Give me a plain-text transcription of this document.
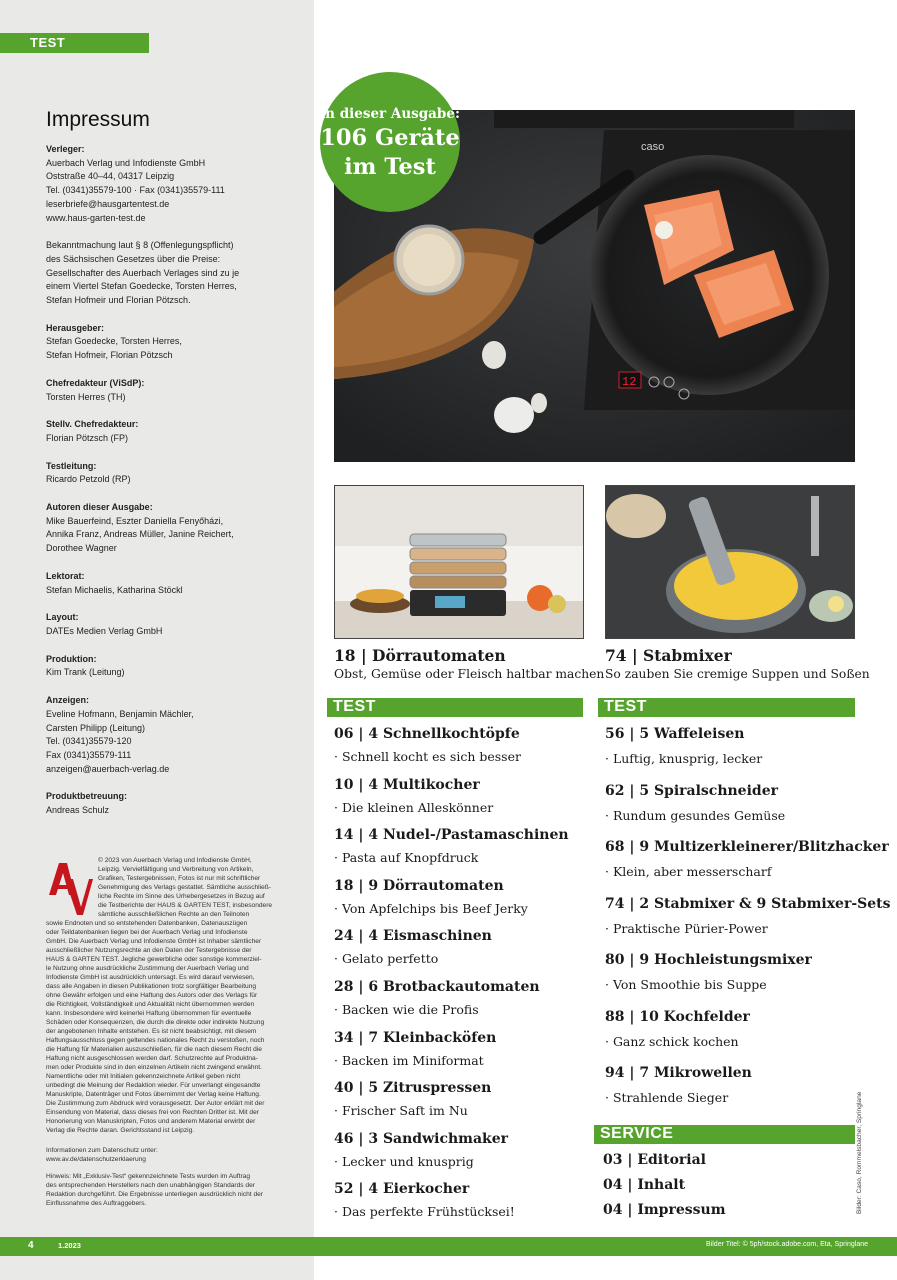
TEST
Impressum
Verleger:
Auerbach Verlag und Infodienste GmbH
Oststraße 40–44, 04317 Leipzig
Tel. (0341)35579-100 · Fax (0341)35579-111
leserbriefe@hausgartentest.de
www.haus-garten-test.de
Bekanntmachung laut § 8 (Offenlegungspflicht)
des Sächsischen Gesetzes über die Preise:
Gesellschafter des Auerbach Verlages sind zu je
einem Viertel Stefan Goedecke, Torsten Herres,
Stefan Hofmeir und Florian Pötzsch.
Herausgeber:
Stefan Goedecke, Torsten Herres,
Stefan Hofmeir, Florian Pötzsch
Chefredakteur (ViSdP):
Torsten Herres (TH)
Stellv. Chefredakteur:
Florian Pötzsch (FP)
Testleitung:
Ricardo Petzold (RP)
Autoren dieser Ausgabe:
Mike Bauerfeind, Eszter Daniella Fenyőházi,
Annika Franz, Andreas Müller, Janine Reichert,
Dorothee Wagner
Lektorat:
Stefan Michaelis, Katharina Stöckl
Layout:
DATEs Medien Verlag GmbH
Produktion:
Kim Trank (Leitung)
Anzeigen:
Eveline Hofmann, Benjamin Mächler,
Carsten Philipp (Leitung)
Tel. (0341)35579-120
Fax (0341)35579-111
anzeigen@auerbach-verlag.de
Produktbetreuung:
Andreas Schulz
© 2023 von Auerbach Verlag und Infodienste GmbH,
Leipzig. Vervielfältigung und Verbreitung von Artikeln,
Grafiken, Testergebnissen, Fotos ist nur mit schriftlicher
Genehmigung des Verlags gestattet. Sämtliche ausschließ-
liche Rechte im Sinne des Urhebergesetzes in Bezug auf
die Testberichte der HAUS & GARTEN TEST, insbesondere
sämtliche ausschließlichen Rechte an den Teilnoten
sowie Endnoten und so entstehenden Datenbanken, Datenauszügen
oder Teildatenbanken liegen bei der Auerbach Verlag und Infodienste
GmbH. Die Auerbach Verlag und Infodienste GmbH ist Inhaber sämtlicher
ausschließlicher Nutzungsrechte an den Daten der Testergebnisse der
HAUS & GARTEN TEST. Jegliche gewerbliche oder sonstige kommerziel-
le Nutzung ohne ausdrückliche Zustimmung der Auerbach Verlag und
Infodienste GmbH ist ausdrücklich untersagt. Es wird darauf verwiesen,
dass alle Angaben in diesen Publikationen trotz sorgfältiger Bearbeitung
ohne Gewähr erfolgen und eine Haftung des Autors oder des Verlags für
die Richtigkeit, Vollständigkeit und Aktualität nicht übernommen werden
kann. Insbesondere wird keinerlei Haftung übernommen für eventuelle
Schäden oder Konsequenzen, die durch die direkte oder indirekte Nutzung
der angebotenen Inhalte entstehen. Es ist nicht beabsichtigt, mit diesem
Haftungsausschluss gegen geltendes nationales Recht zu verstoßen, noch
die Haftung für Materialien auszuschließen, für die nach diesem Recht die
Haftung nicht ausgeschlossen werden darf. Schutzrechte auf Produktna-
men oder Produkte sind in den einzelnen Artikeln nicht zwingend erwähnt.
Namentliche oder mit Initialen gekennzeichnete Artikel geben nicht
unbedingt die Meinung der Redaktion wieder. Für unverlangt eingesandte
Manuskripte, Datenträger und Fotos übernimmt der Verlag keine Haftung.
Die Zustimmung zum Abdruck wird vorausgesetzt. Der Autor erklärt mit der
Einsendung von Material, dass dieses frei von Rechten Dritter ist. Mit der
Honorierung von Manuskripten, Fotos und anderem Material erwirbt der
Verlag die Rechte daran. Gerichtsstand ist Leipzig.
Informationen zum Datenschutz unter:
www.av.de/datenschutzerklaerung
Hinweis: Mit „Exklusiv-Test“ gekennzeichnete Tests wurden im Auftrag
des entsprechenden Herstellers nach den unabhängigen Standards der
Redaktion durchgeführt. Die Ergebnisse unterliegen ausdrücklich nicht der
Einflussnahme des Auftraggebers.
caso
12
in dieser Ausgabe:
106 Geräte
im Test
18 | Dörrautomaten
Obst, Gemüse oder Fleisch haltbar machen
74 | Stabmixer
So zauben Sie cremige Suppen und Soßen
TEST	TEST
SERVICE
06 | 4 Schnellkochtöpfe
· Schnell kocht es sich besser
10 | 4 Multikocher
· Die kleinen Alleskönner
14 | 4 Nudel-/Pastamaschinen
· Pasta auf Knopfdruck
18 | 9 Dörrautomaten
· Von Apfelchips bis Beef Jerky
24 | 4 Eismaschinen
· Gelato perfetto
28 | 6 Brotbackautomaten
· Backen wie die Profis
34 | 7 Kleinbacköfen
· Backen im Miniformat
40 | 5 Zitruspressen
· Frischer Saft im Nu
46 | 3 Sandwichmaker
· Lecker und knusprig
52 | 4 Eierkocher
· Das perfekte Frühstücksei!
56 | 5 Waffeleisen
· Luftig, knusprig, lecker
62 | 5 Spiralschneider
· Rundum gesundes Gemüse
68 | 9 Multizerkleinerer/Blitzhacker
· Klein, aber messerscharf
74 | 2 Stabmixer & 9 Stabmixer-Sets
· Praktische Pürier-Power
80 | 9 Hochleistungsmixer
· Von Smoothie bis Suppe
88 | 10 Kochfelder
· Ganz schick kochen
94 | 7 Mikrowellen
· Strahlende Sieger
03 | Editorial
04 | Inhalt
04 | Impressum	Bilder: Caso, Rommelsbacher, Springlane
4	1.2023	Bilder Titel: © 5ph/stock.adobe.com, Eta, Springlane
